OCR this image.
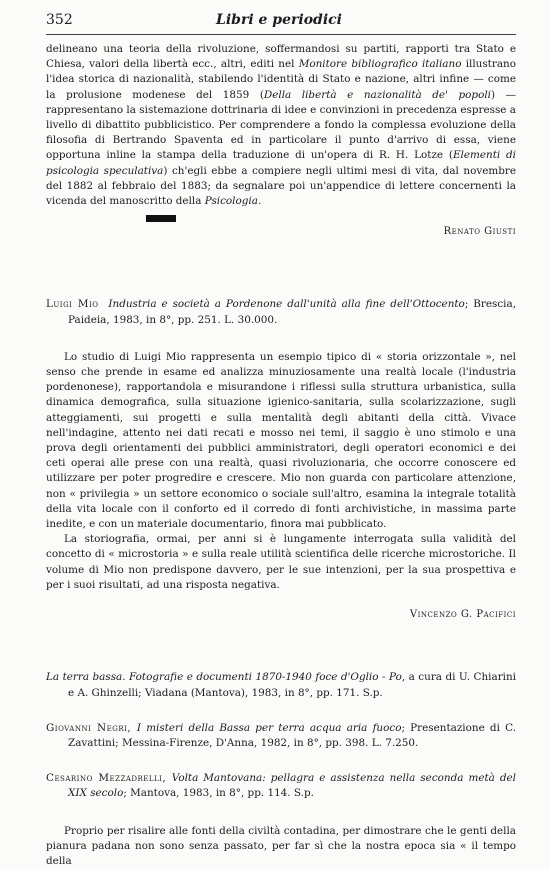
352	Libri e periodici

delineano una teoria della rivoluzione, soffermandosi su partiti, rapporti tra Stato e Chiesa, valori della libertà ecc., altri, editi nel Monitore bibliografico italiano illustrano l'idea storica di nazionalità, stabilendo l'identità di Stato e nazione, altri infine — come la prolusione modenese del 1859 (Della libertà e nazionalità de' popoli) — rappresentano la sistemazione dottrinaria di idee e convinzioni in precedenza espresse a livello di dibattito pubblicistico. Per comprendere a fondo la complessa evoluzione della filosofia di Bertrando Spaventa ed in particolare il punto d'arrivo di essa, viene opportuna inline la stampa della traduzione di un'opera di R. H. Lotze (Elementi di psicologia speculativa) ch'egli ebbe a compiere negli ultimi mesi di vita, dal novembre del 1882 al febbraio del 1883; da segnalare poi un'appendice di lettere concernenti la vicenda del manoscritto della Psicologia.

Renato Giusti

Luigi Mio Industria e società a Pordenone dall'unità alla fine dell'Ottocento; Brescia, Paideia, 1983, in 8°, pp. 251. L. 30.000.

Lo studio di Luigi Mio rappresenta un esempio tipico di « storia orizzontale », nel senso che prende in esame ed analizza minuziosamente una realtà locale (l'industria pordenonese), rapportandola e misurandone i riflessi sulla struttura urbanistica, sulla dinamica demografica, sulla situazione igienico-sanitaria, sulla scolarizzazione, sugli atteggiamenti, sui progetti e sulla mentalità degli abitanti della città. Vivace nell'indagine, attento nei dati recati e mosso nei temi, il saggio è uno stimolo e una prova degli orientamenti dei pubblici amministratori, degli operatori economici e dei ceti operai alle prese con una realtà, quasi rivoluzionaria, che occorre conoscere ed utilizzare per poter progredire e crescere. Mio non guarda con particolare attenzione, non « privilegia » un settore economico o sociale sull'altro, esamina la integrale totalità della vita locale con il conforto ed il corredo di fonti archivistiche, in massima parte inedite, e con un materiale documentario, finora mai pubblicato.

La storiografia, ormai, per anni si è lungamente interrogata sulla validità del concetto di « microstoria » e sulla reale utilità scientifica delle ricerche microstoriche. Il volume di Mio non predispone davvero, per le sue intenzioni, per la sua prospettiva e per i suoi risultati, ad una risposta negativa.

Vincenzo G. Pacifici

La terra bassa. Fotografie e documenti 1870-1940 foce d'Oglio - Po, a cura di U. Chiarini e A. Ghinzelli; Viadana (Mantova), 1983, in 8°, pp. 171. S.p.

Giovanni Negri, I misteri della Bassa per terra acqua aria fuoco; Presentazione di C. Zavattini; Messina-Firenze, D'Anna, 1982, in 8°, pp. 398. L. 7.250.

Cesarino Mezzadrelli, Volta Mantovana: pellagra e assistenza nella seconda metà del XIX secolo; Mantova, 1983, in 8°, pp. 114. S.p.

Proprio per risalire alle fonti della civiltà contadina, per dimostrare che le genti della pianura padana non sono senza passato, per far sì che la nostra epoca sia « il tempo della
